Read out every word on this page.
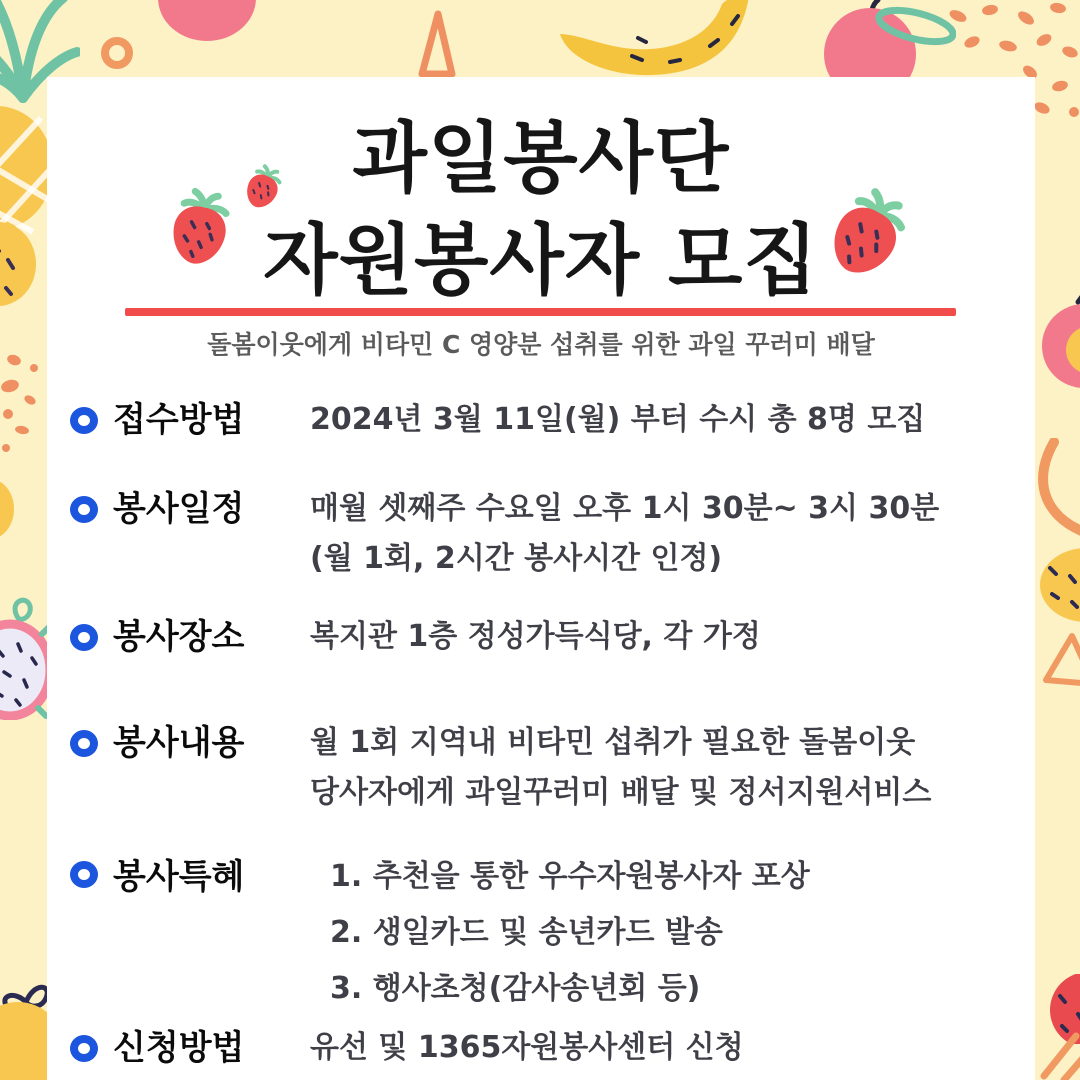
과일봉사단
자원봉사자 모집
돌봄이웃에게 비타민 C 영양분 섭취를 위한 과일 꾸러미 배달
접수방법	2024년 3월 11일(월) 부터 수시 총 8명 모집
봉사일정	매월 셋째주 수요일 오후 1시 30분~ 3시 30분
(월 1회, 2시간 봉사시간 인정)
봉사장소	복지관 1층 정성가득식당, 각 가정
봉사내용	월 1회 지역내 비타민 섭취가 필요한 돌봄이웃
당사자에게 과일꾸러미 배달 및 정서지원서비스
봉사특혜	1. 추천을 통한 우수자원봉사자 포상
2. 생일카드 및 송년카드 발송
3. 행사초청(감사송년회 등)
신청방법	유선 및 1365자원봉사센터 신청
